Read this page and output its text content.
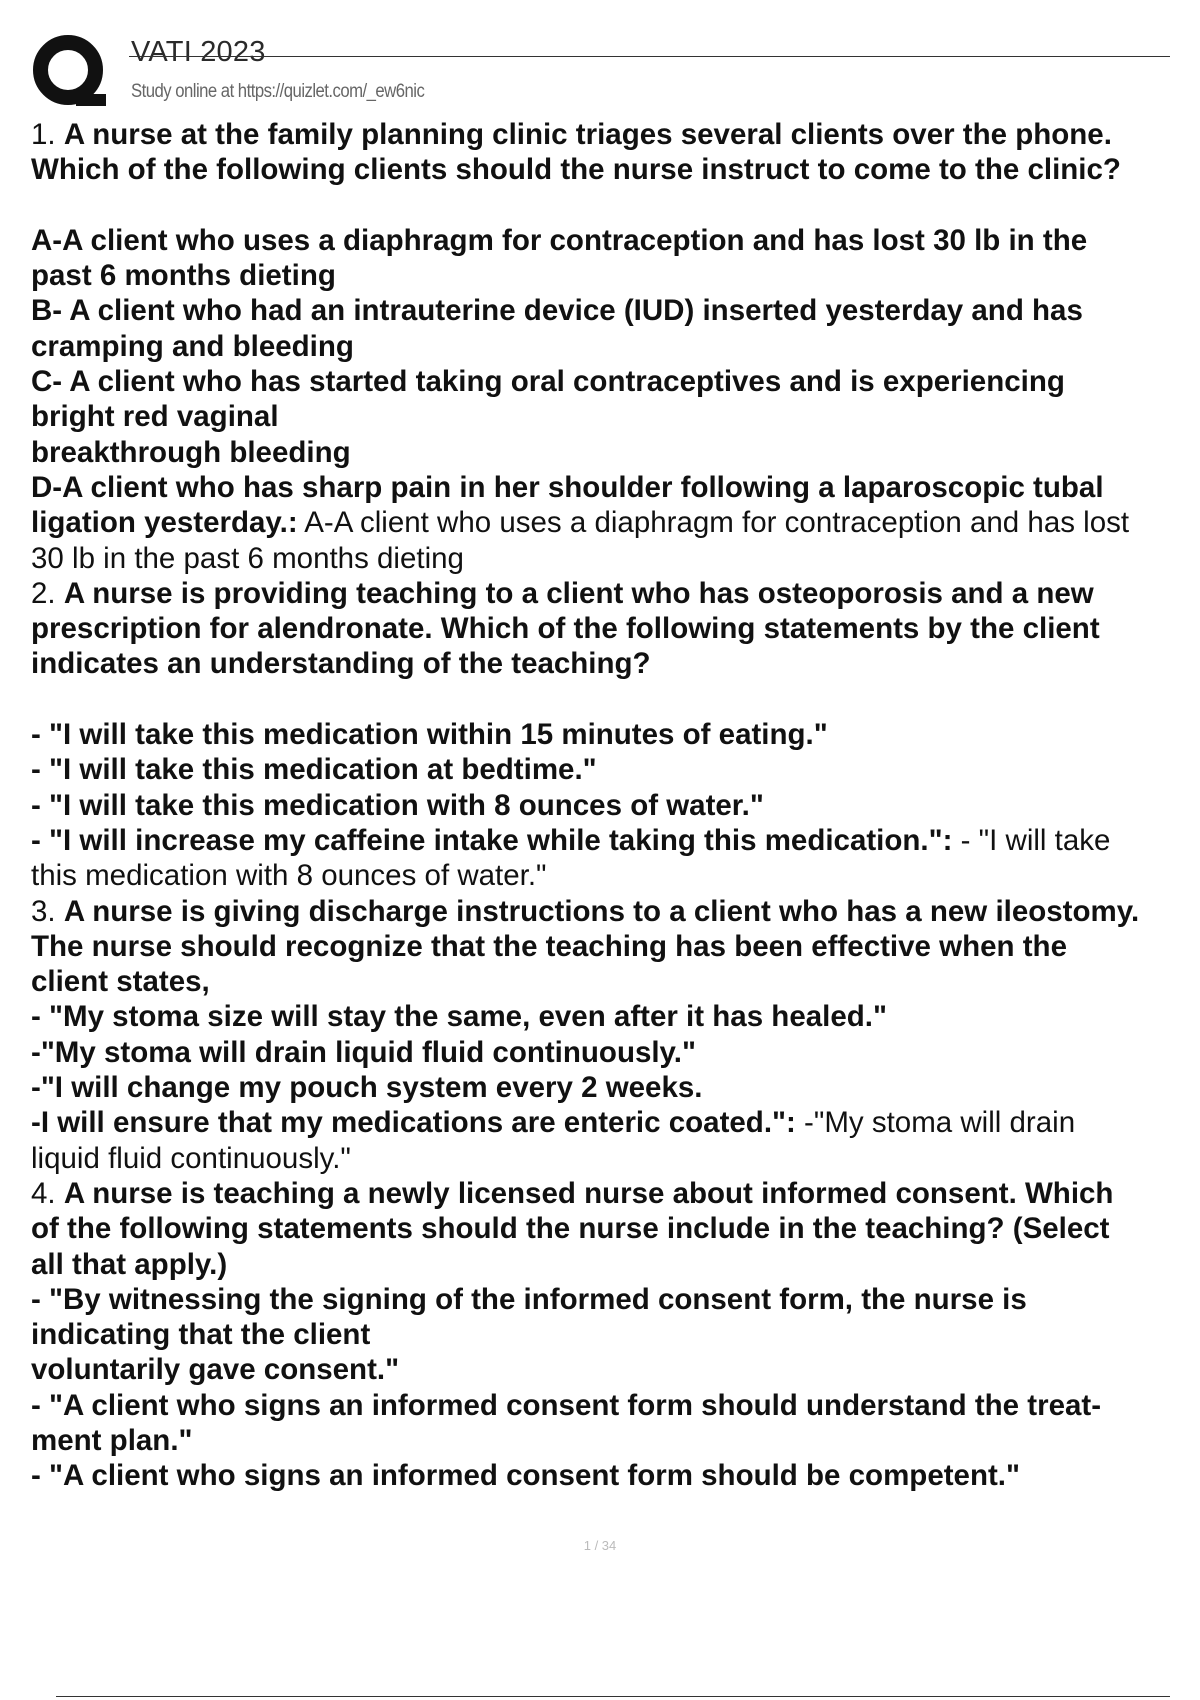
VATI 2023
Study online at https://quizlet.com/_ew6nic
1. A nurse at the family planning clinic triages several clients over the phone.
Which of the following clients should the nurse instruct to come to the clinic?
A-A client who uses a diaphragm for contraception and has lost 30 lb in the
past 6 months dieting
B- A client who had an intrauterine device (IUD) inserted yesterday and has
cramping and bleeding
C- A client who has started taking oral contraceptives and is experiencing
bright red vaginal
breakthrough bleeding
D-A client who has sharp pain in her shoulder following a laparoscopic tubal
ligation yesterday.: A-A client who uses a diaphragm for contraception and has lost
30 lb in the past 6 months dieting
2. A nurse is providing teaching to a client who has osteoporosis and a new
prescription for alendronate. Which of the following statements by the client
indicates an understanding of the teaching?
- "I will take this medication within 15 minutes of eating."
- "I will take this medication at bedtime."
- "I will take this medication with 8 ounces of water."
- "I will increase my caffeine intake while taking this medication.": - "I will take
this medication with 8 ounces of water."
3. A nurse is giving discharge instructions to a client who has a new ileostomy.
The nurse should recognize that the teaching has been effective when the
client states,
- "My stoma size will stay the same, even after it has healed."
-"My stoma will drain liquid fluid continuously."
-"I will change my pouch system every 2 weeks.
-I will ensure that my medications are enteric coated.": -"My stoma will drain
liquid fluid continuously."
4. A nurse is teaching a newly licensed nurse about informed consent. Which
of the following statements should the nurse include in the teaching? (Select
all that apply.)
- "By witnessing the signing of the informed consent form, the nurse is
indicating that the client
voluntarily gave consent."
- "A client who signs an informed consent form should understand the treat-
ment plan."
- "A client who signs an informed consent form should be competent."
1 / 34
